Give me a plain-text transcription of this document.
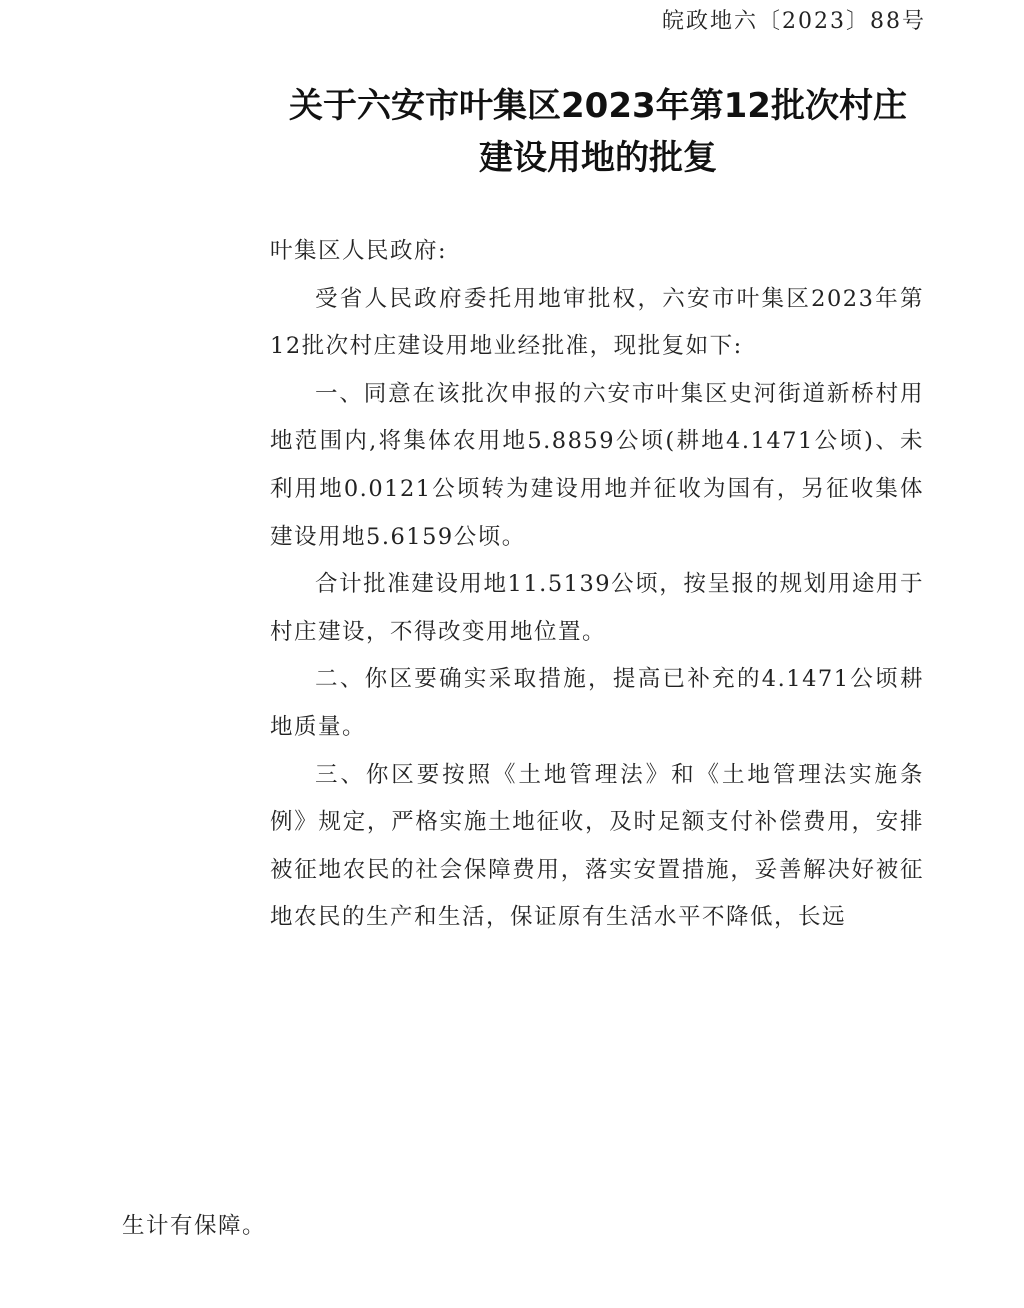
皖政地六〔2023〕88号
关于六安市叶集区2023年第12批次村庄
建设用地的批复

叶集区人民政府:

受省人民政府委托用地审批权，六安市叶集区2023年第12批次村庄建设用地业经批准，现批复如下:

一、同意在该批次申报的六安市叶集区史河街道新桥村用地范围内,将集体农用地5.8859公顷(耕地4.1471公顷)、未利用地0.0121公顷转为建设用地并征收为国有，另征收集体建设用地5.6159公顷。

合计批准建设用地11.5139公顷，按呈报的规划用途用于村庄建设，不得改变用地位置。

二、你区要确实采取措施，提高已补充的4.1471公顷耕地质量。

三、你区要按照《土地管理法》和《土地管理法实施条例》规定，严格实施土地征收，及时足额支付补偿费用，安排被征地农民的社会保障费用，落实安置措施，妥善解决好被征地农民的生产和生活，保证原有生活水平不降低，长远

生计有保障。
